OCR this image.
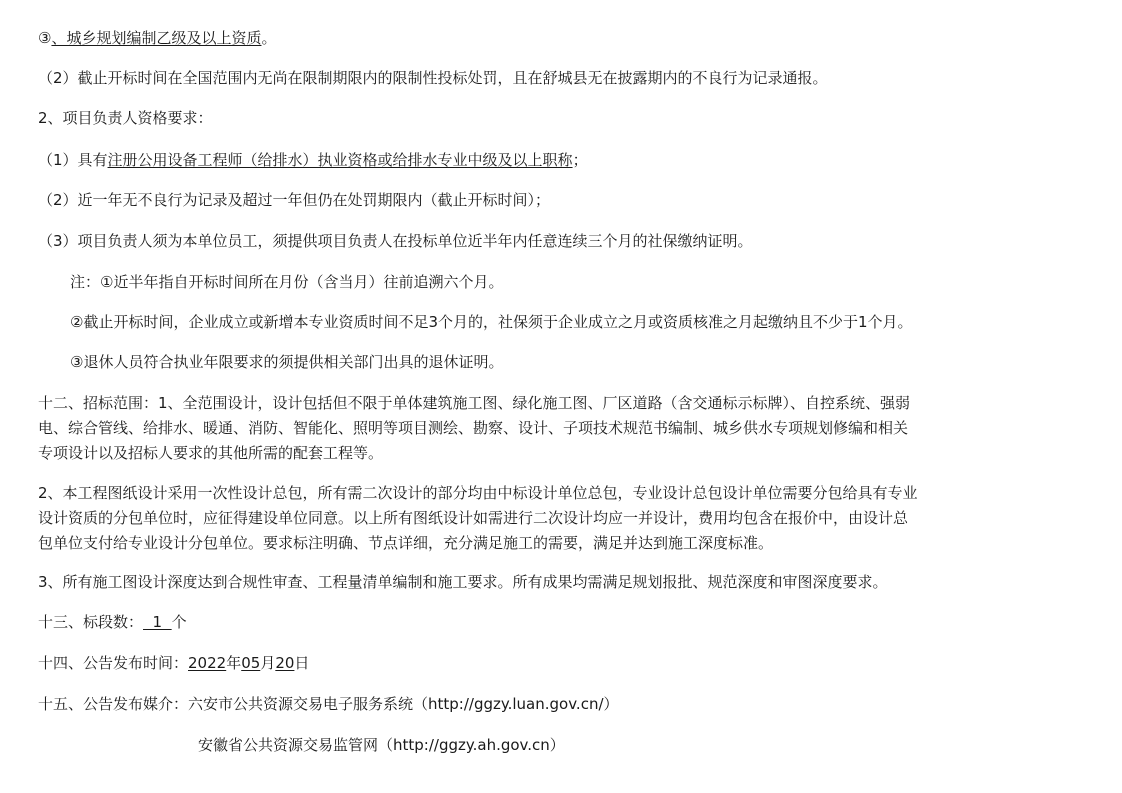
③、城乡规划编制乙级及以上资质。
（2）截止开标时间在全国范围内无尚在限制期限内的限制性投标处罚，且在舒城县无在披露期内的不良行为记录通报。
2、项目负责人资格要求：
（1）具有注册公用设备工程师（给排水）执业资格或给排水专业中级及以上职称；
（2）近一年无不良行为记录及超过一年但仍在处罚期限内（截止开标时间）；
（3）项目负责人须为本单位员工，须提供项目负责人在投标单位近半年内任意连续三个月的社保缴纳证明。
注：①近半年指自开标时间所在月份（含当月）往前追溯六个月。
②截止开标时间，企业成立或新增本专业资质时间不足3个月的，社保须于企业成立之月或资质核准之月起缴纳且不少于1个月。
③退休人员符合执业年限要求的须提供相关部门出具的退休证明。
十二、招标范围：1、全范围设计，设计包括但不限于单体建筑施工图、绿化施工图、厂区道路（含交通标示标牌）、自控系统、强弱
电、综合管线、给排水、暖通、消防、智能化、照明等项目测绘、勘察、设计、子项技术规范书编制、城乡供水专项规划修编和相关
专项设计以及招标人要求的其他所需的配套工程等。
2、本工程图纸设计采用一次性设计总包，所有需二次设计的部分均由中标设计单位总包，专业设计总包设计单位需要分包给具有专业
设计资质的分包单位时，应征得建设单位同意。以上所有图纸设计如需进行二次设计均应一并设计，费用均包含在报价中，由设计总
包单位支付给专业设计分包单位。要求标注明确、节点详细，充分满足施工的需要，满足并达到施工深度标准。
3、所有施工图设计深度达到合规性审查、工程量清单编制和施工要求。所有成果均需满足规划报批、规范深度和审图深度要求。
十三、标段数：  1  个
十四、公告发布时间：2022年05月20日
十五、公告发布媒介：六安市公共资源交易电子服务系统（http://ggzy.luan.gov.cn/）
安徽省公共资源交易监管网（http://ggzy.ah.gov.cn）
